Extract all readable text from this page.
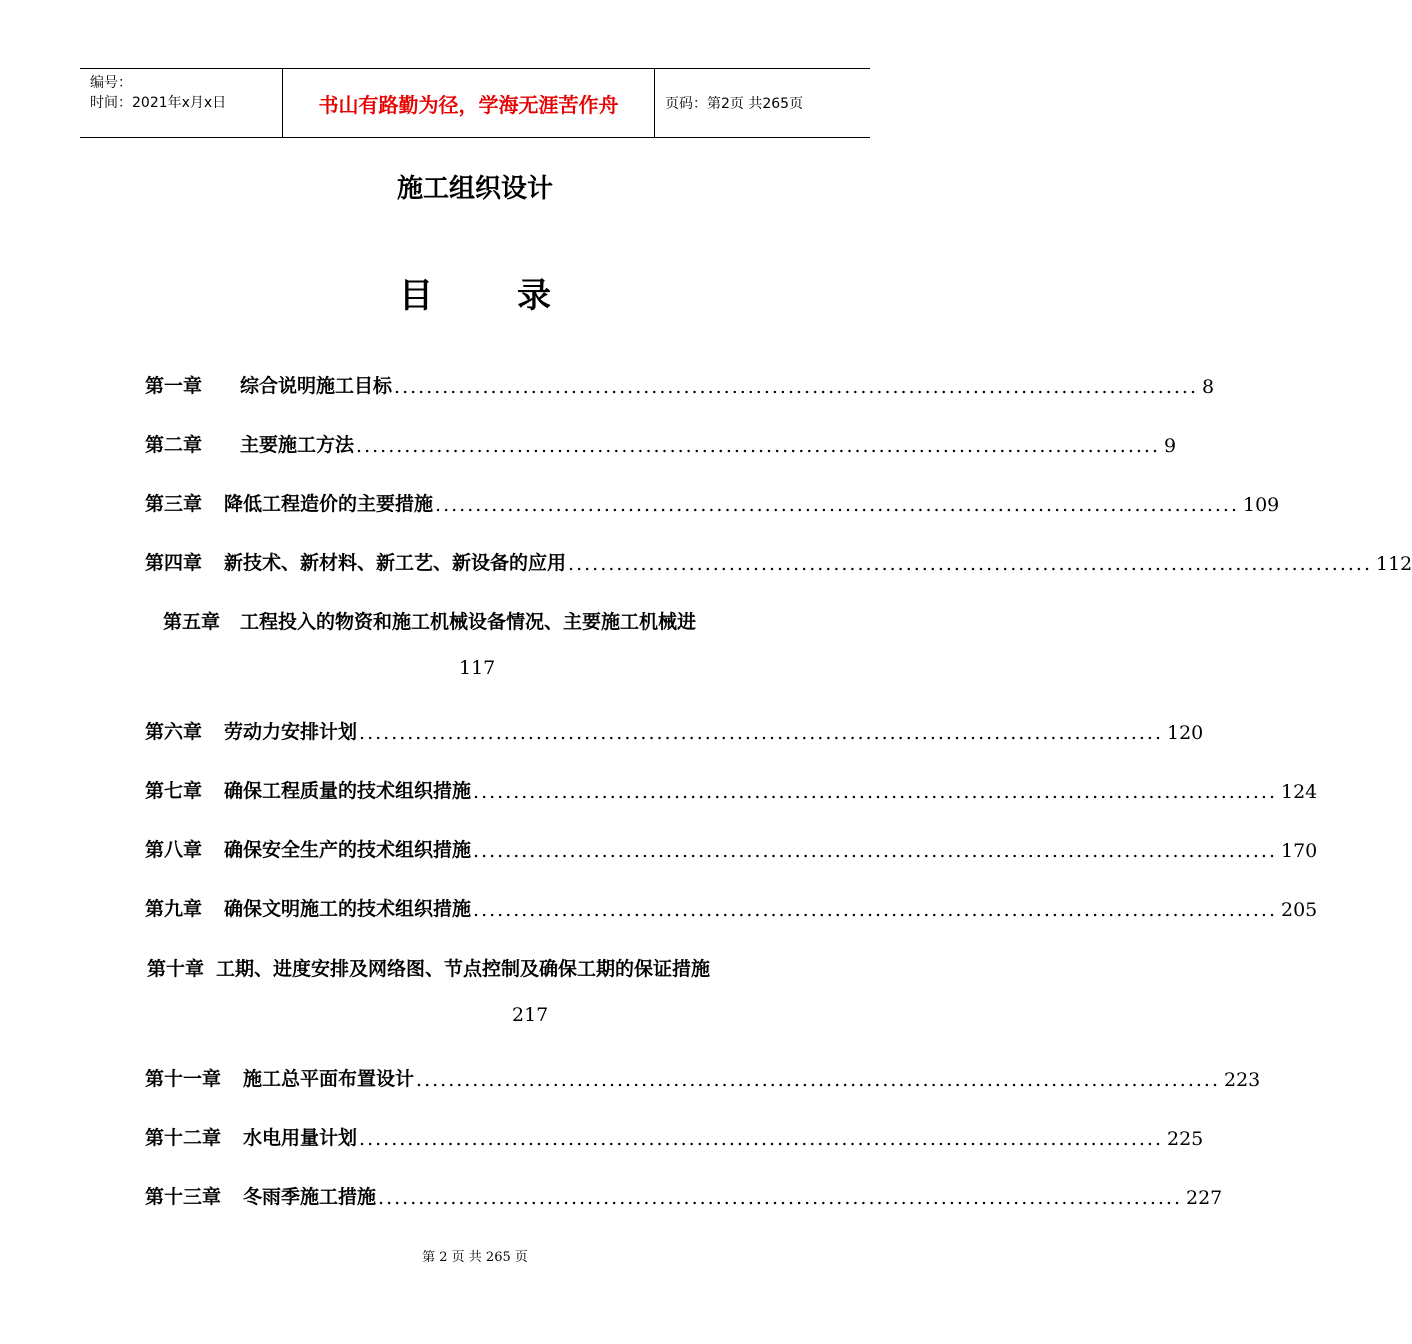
编号：
时间：2021年x月x日	书山有路勤为径，学海无涯苦作舟	页码：第2页 共265页
施工组织设计
目 录
第一章	综合说明施工目标 .................................................................................................... 8
第二章	主要施工方法 .................................................................................................... 9
第三章	降低工程造价的主要措施 .................................................................................................... 109
第四章	新技术、新材料、新工艺、新设备的应用 .................................................................................................... 112
第五章 工程投入的物资和施工机械设备情况、主要施工机械进
117
第六章	劳动力安排计划 .................................................................................................... 120
第七章	确保工程质量的技术组织措施 .................................................................................................... 124
第八章	确保安全生产的技术组织措施 .................................................................................................... 170
第九章	确保文明施工的技术组织措施 .................................................................................................... 205
第十章 工期、进度安排及网络图、节点控制及确保工期的保证措施
217
第十一章	施工总平面布置设计 .................................................................................................... 223
第十二章	水电用量计划 .................................................................................................... 225
第十三章	冬雨季施工措施 .................................................................................................... 227
第 2 页 共 265 页
